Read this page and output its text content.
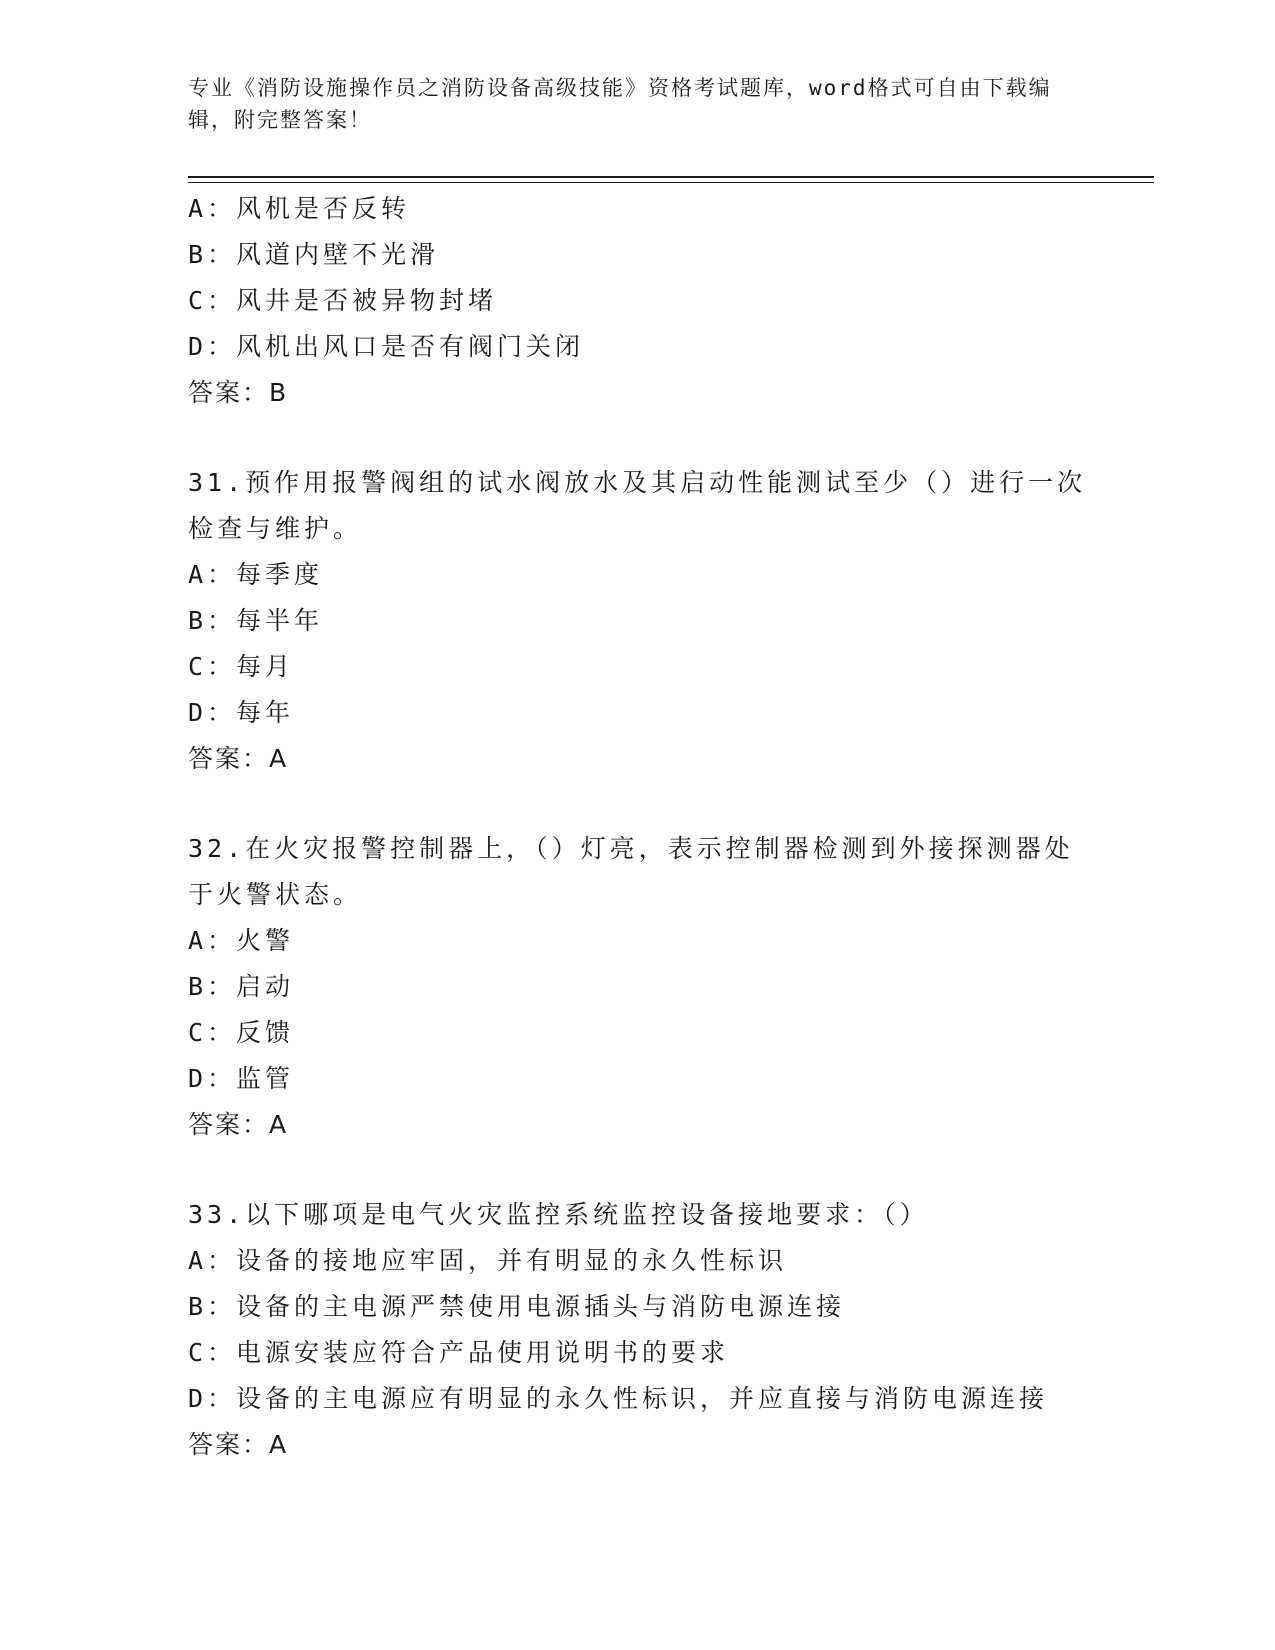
专业《消防设施操作员之消防设备高级技能》资格考试题库，word格式可自由下载编辑，附完整答案！
A：风机是否反转
B：风道内壁不光滑
C：风井是否被异物封堵
D：风机出风口是否有阀门关闭
答案：B
31.预作用报警阀组的试水阀放水及其启动性能测试至少（）进行一次检查与维护。
A：每季度
B：每半年
C：每月
D：每年
答案：A
32.在火灾报警控制器上，（）灯亮，表示控制器检测到外接探测器处于火警状态。
A：火警
B：启动
C：反馈
D：监管
答案：A
33.以下哪项是电气火灾监控系统监控设备接地要求：（）
A：设备的接地应牢固，并有明显的永久性标识
B：设备的主电源严禁使用电源插头与消防电源连接
C：电源安装应符合产品使用说明书的要求
D：设备的主电源应有明显的永久性标识，并应直接与消防电源连接
答案：A
